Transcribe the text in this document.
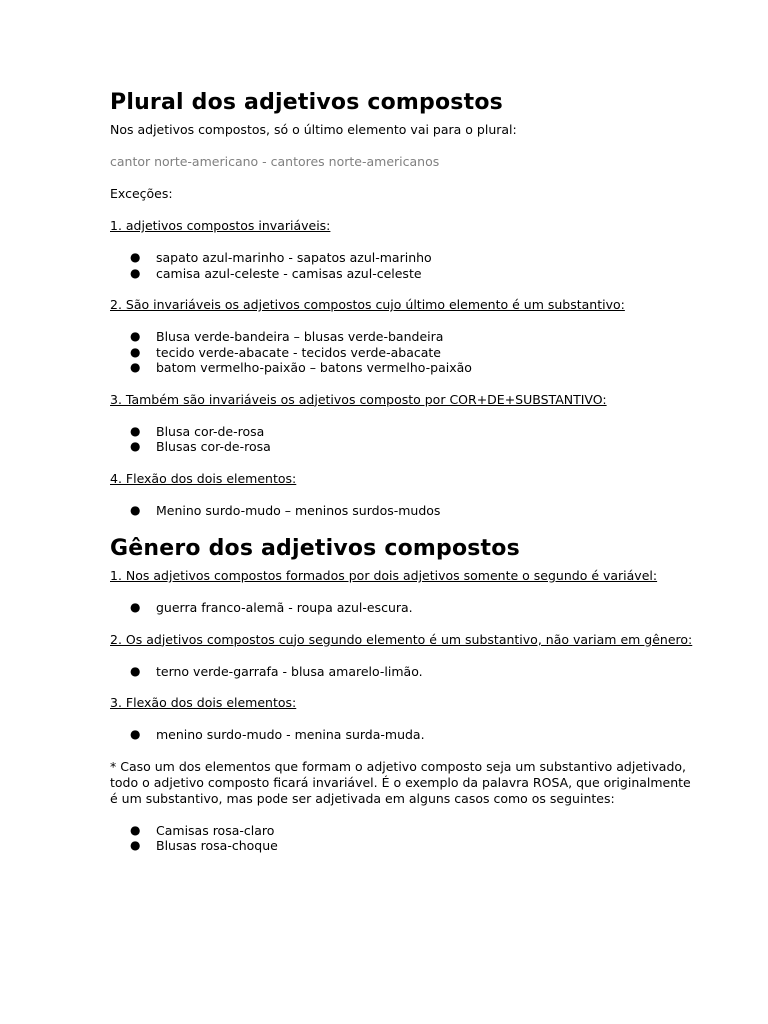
Plural dos adjetivos compostos

Nos adjetivos compostos, só o último elemento vai para o plural:

cantor norte-americano - cantores norte-americanos

Exceções:

1. adjetivos compostos invariáveis:

● sapato azul-marinho - sapatos azul-marinho
● camisa azul-celeste - camisas azul-celeste

2. São invariáveis os adjetivos compostos cujo último elemento é um substantivo:

● Blusa verde-bandeira – blusas verde-bandeira
● tecido verde-abacate - tecidos verde-abacate
● batom vermelho-paixão – batons vermelho-paixão

3. Também são invariáveis os adjetivos composto por COR+DE+SUBSTANTIVO:

● Blusa cor-de-rosa
● Blusas cor-de-rosa

4. Flexão dos dois elementos:

● Menino surdo-mudo – meninos surdos-mudos
Gênero dos adjetivos compostos

1. Nos adjetivos compostos formados por dois adjetivos somente o segundo é variável:

● guerra franco-alemã - roupa azul-escura.

2. Os adjetivos compostos cujo segundo elemento é um substantivo, não variam em gênero:

● terno verde-garrafa - blusa amarelo-limão.

3. Flexão dos dois elementos:

● menino surdo-mudo - menina surda-muda.

* Caso um dos elementos que formam o adjetivo composto seja um substantivo adjetivado,

todo o adjetivo composto ficará invariável. É o exemplo da palavra ROSA, que originalmente

é um substantivo, mas pode ser adjetivada em alguns casos como os seguintes:

● Camisas rosa-claro
● Blusas rosa-choque
